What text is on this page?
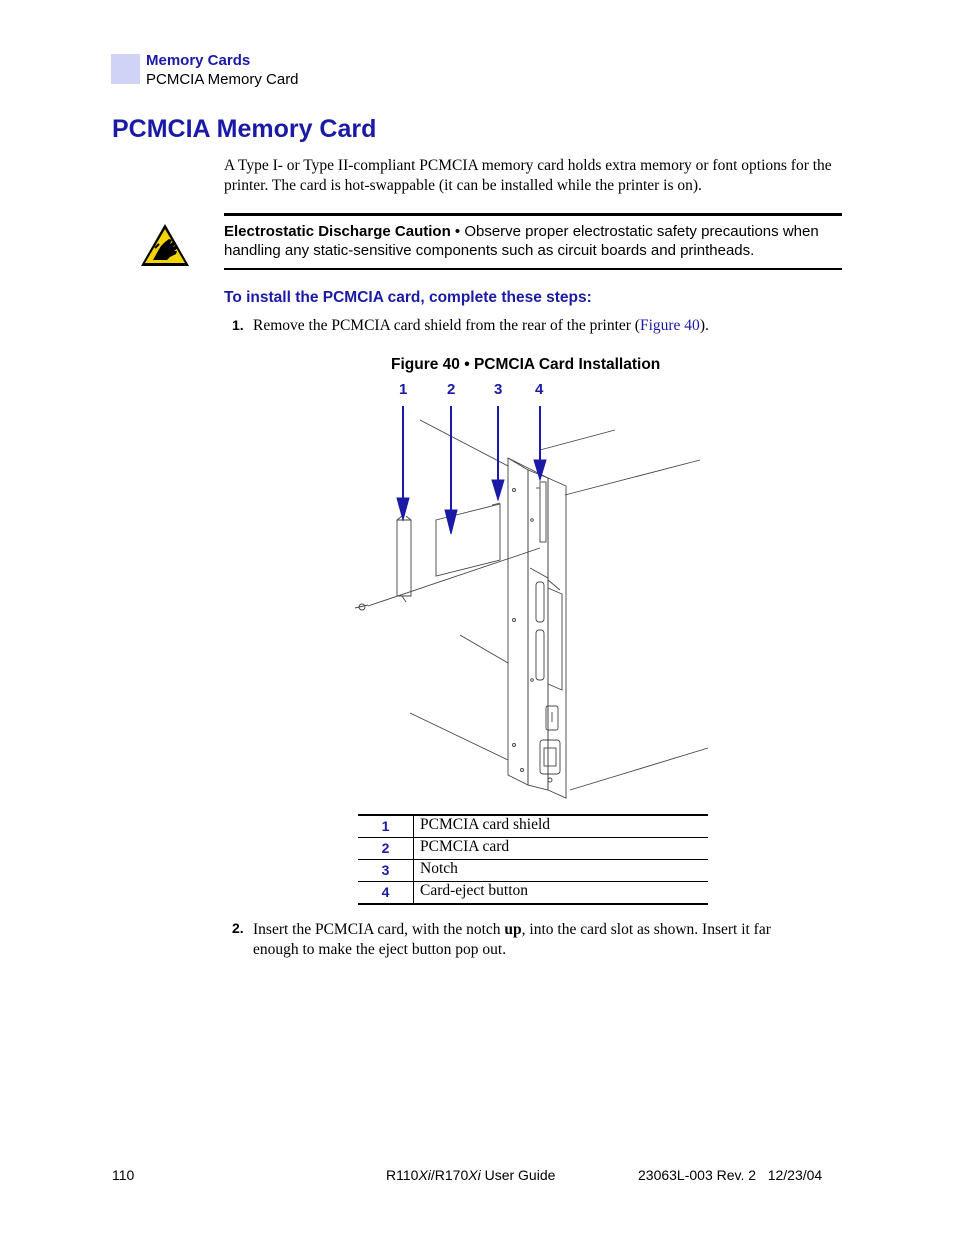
Memory Cards
PCMCIA Memory Card
PCMCIA Memory Card
A Type I- or Type II-compliant PCMCIA memory card holds extra memory or font options for the printer. The card is hot-swappable (it can be installed while the printer is on).
Electrostatic Discharge Caution • Observe proper electrostatic safety precautions when handling any static-sensitive components such as circuit boards and printheads.
To install the PCMCIA card, complete these steps:
1. Remove the PCMCIA card shield from the rear of the printer (Figure 40).
Figure 40 • PCMCIA Card Installation
1	2	3 4
1	PCMCIA card shield
2	PCMCIA card
3	Notch
4	Card-eject button
2. Insert the PCMCIA card, with the notch up, into the card slot as shown. Insert it far enough to make the eject button pop out.
110	R110Xi/R170Xi User Guide	23063L-003 Rev. 2   12/23/04
